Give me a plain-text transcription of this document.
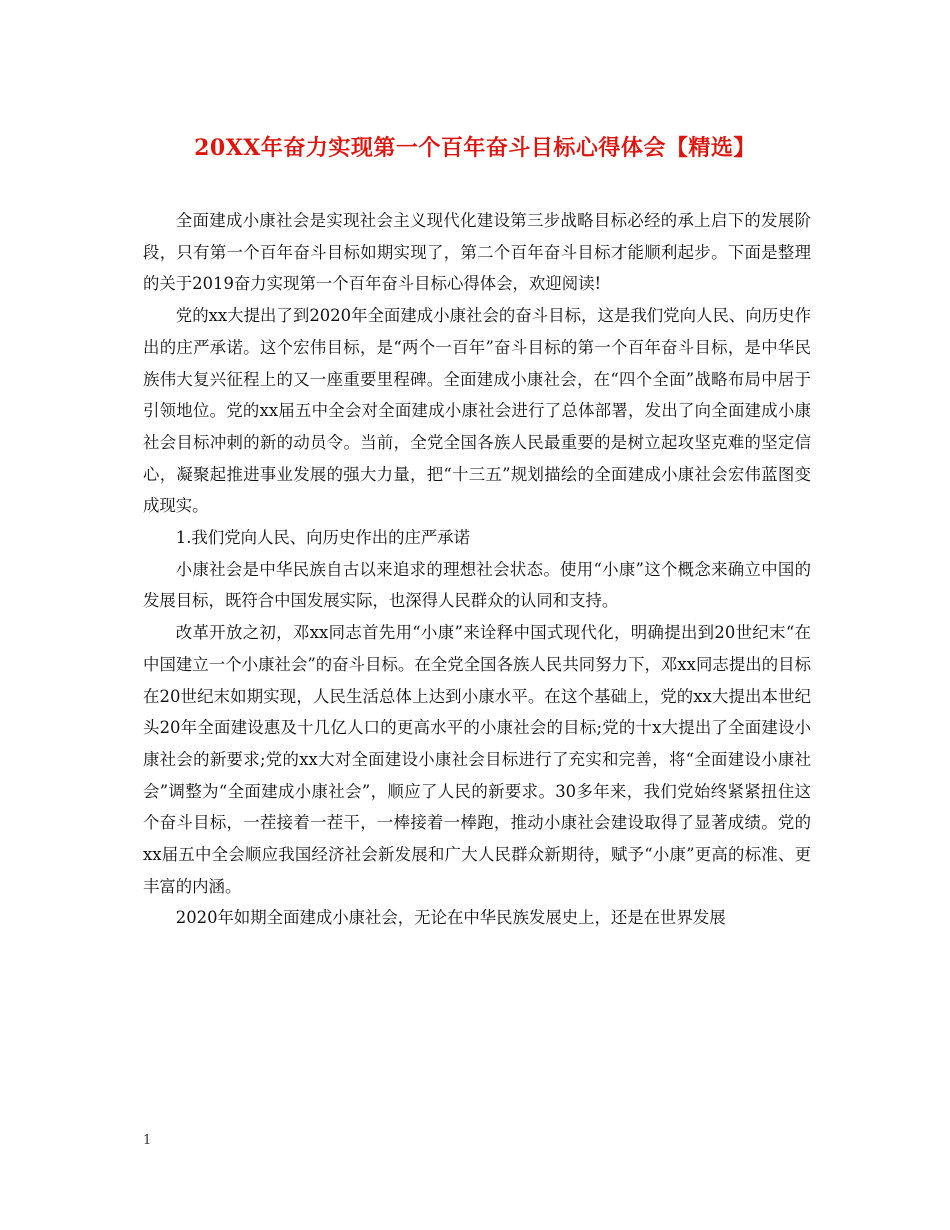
20XX年奋力实现第一个百年奋斗目标心得体会【精选】

全面建成小康社会是实现社会主义现代化建设第三步战略目标必经的承上启下的发展阶段，只有第一个百年奋斗目标如期实现了，第二个百年奋斗目标才能顺利起步。下面是整理的关于2019奋力实现第一个百年奋斗目标心得体会，欢迎阅读!

党的xx大提出了到2020年全面建成小康社会的奋斗目标，这是我们党向人民、向历史作出的庄严承诺。这个宏伟目标，是“两个一百年”奋斗目标的第一个百年奋斗目标，是中华民族伟大复兴征程上的又一座重要里程碑。全面建成小康社会，在“四个全面”战略布局中居于引领地位。党的xx届五中全会对全面建成小康社会进行了总体部署，发出了向全面建成小康社会目标冲刺的新的动员令。当前，全党全国各族人民最重要的是树立起攻坚克难的坚定信心，凝聚起推进事业发展的强大力量，把“十三五”规划描绘的全面建成小康社会宏伟蓝图变成现实。

1.我们党向人民、向历史作出的庄严承诺

小康社会是中华民族自古以来追求的理想社会状态。使用“小康”这个概念来确立中国的发展目标，既符合中国发展实际，也深得人民群众的认同和支持。

改革开放之初，邓xx同志首先用“小康”来诠释中国式现代化，明确提出到20世纪末“在中国建立一个小康社会”的奋斗目标。在全党全国各族人民共同努力下，邓xx同志提出的目标在20世纪末如期实现，人民生活总体上达到小康水平。在这个基础上，党的xx大提出本世纪头20年全面建设惠及十几亿人口的更高水平的小康社会的目标;党的十x大提出了全面建设小康社会的新要求;党的xx大对全面建设小康社会目标进行了充实和完善，将“全面建设小康社会”调整为“全面建成小康社会”，顺应了人民的新要求。30多年来，我们党始终紧紧扭住这个奋斗目标，一茬接着一茬干，一棒接着一棒跑，推动小康社会建设取得了显著成绩。党的xx届五中全会顺应我国经济社会新发展和广大人民群众新期待，赋予“小康”更高的标准、更丰富的内涵。

2020年如期全面建成小康社会，无论在中华民族发展史上，还是在世界发展

1
